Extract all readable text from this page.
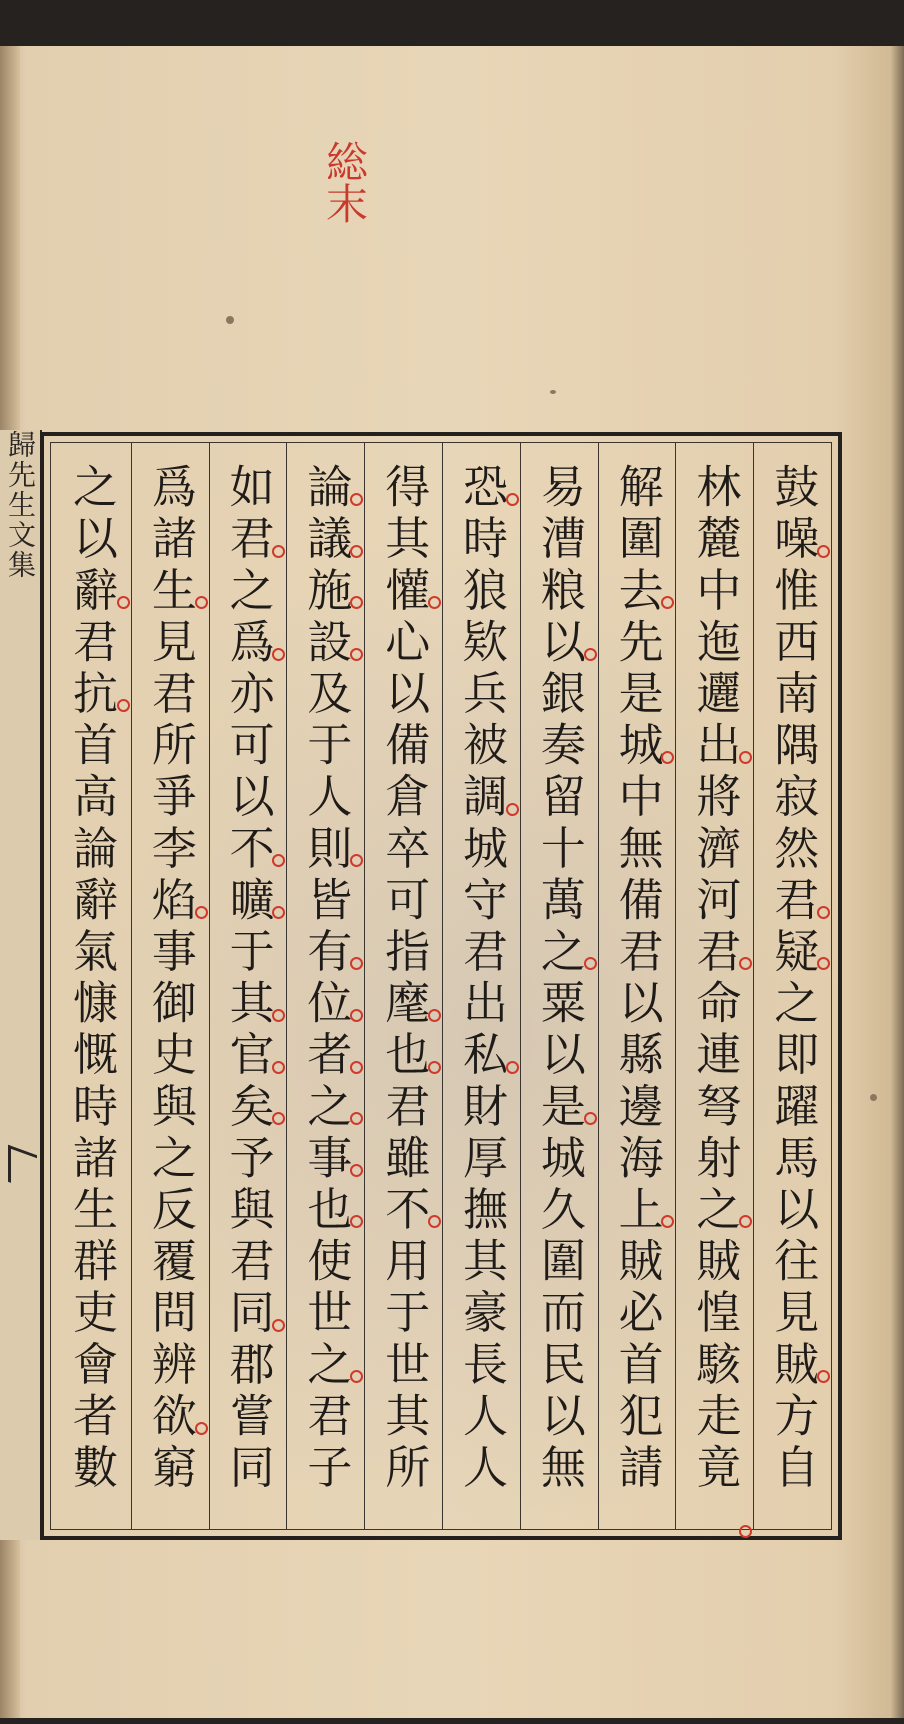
総末
歸先生文集	鼓噪惟西南隅寂然君疑之即躍馬以往見賊方自
林麓中迤邐出將濟河君命連弩射之賊惶駭走竟
解圍去先是城中無備君以縣邊海上賊必首犯請
易漕粮以銀奏留十萬之粟以是城久圍而民以無
恐時狼欵兵被調城守君出私財厚撫其豪長人人
得其懽心以備倉卒可指麾也君雖不用于世其所
論議施設及于人則皆有位者之事也使世之君子
如君之爲亦可以不曠于其官矣予與君同郡嘗同
爲諸生見君所爭李焰事御史與之反覆問辨欲窮
之以辭君抗首高論辭氣慷慨時諸生群吏會者數
